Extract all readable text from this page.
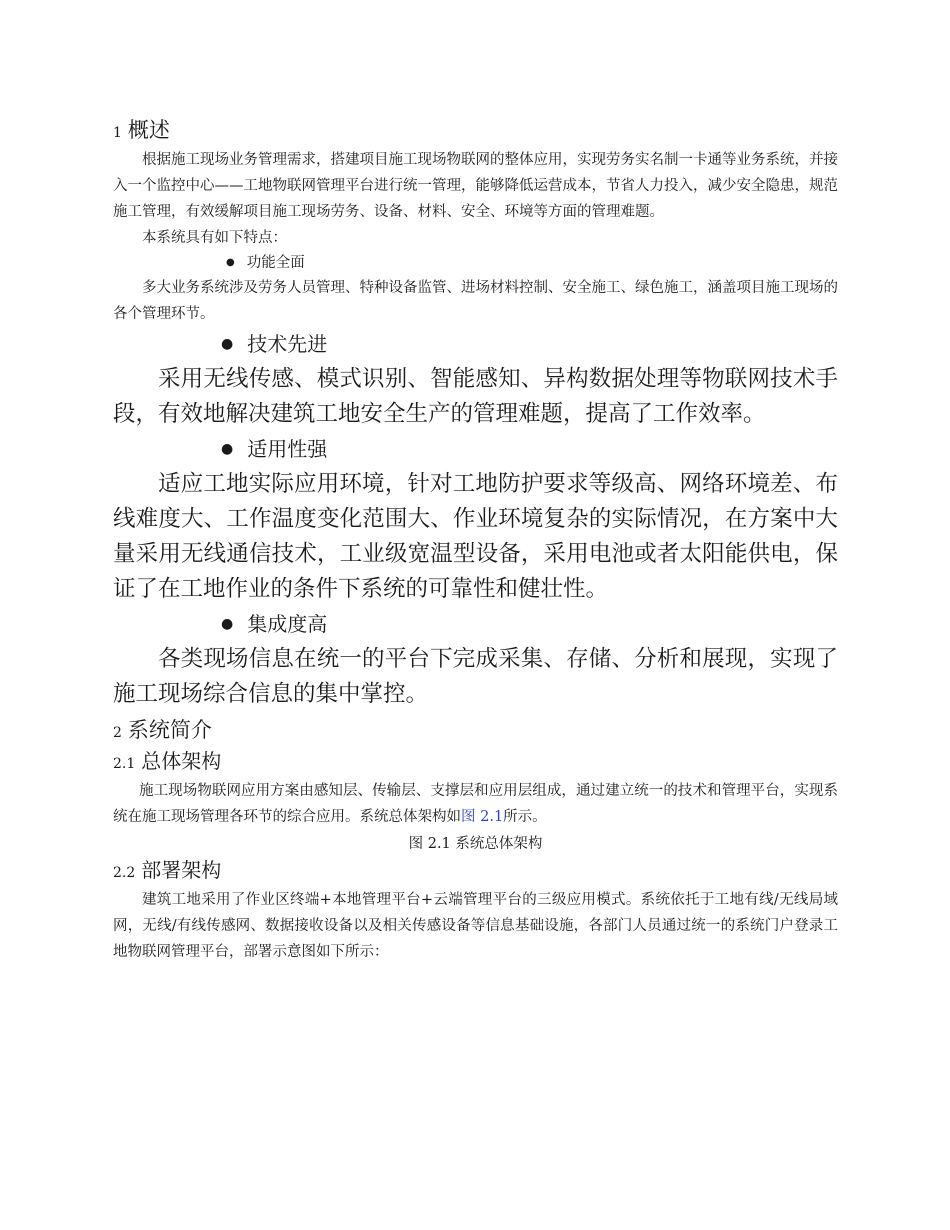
1 概述

根据施工现场业务管理需求，搭建项目施工现场物联网的整体应用，实现劳务实名制一卡通等业务系统，并接入一个监控中心——工地物联网管理平台进行统一管理，能够降低运营成本，节省人力投入，减少安全隐患，规范施工管理，有效缓解项目施工现场劳务、设备、材料、安全、环境等方面的管理难题。

本系统具有如下特点：

● 功能全面

多大业务系统涉及劳务人员管理、特种设备监管、进场材料控制、安全施工、绿色施工，涵盖项目施工现场的各个管理环节。

● 技术先进

采用无线传感、模式识别、智能感知、异构数据处理等物联网技术手段，有效地解决建筑工地安全生产的管理难题，提高了工作效率。

● 适用性强

适应工地实际应用环境，针对工地防护要求等级高、网络环境差、布线难度大、工作温度变化范围大、作业环境复杂的实际情况，在方案中大量采用无线通信技术，工业级宽温型设备，采用电池或者太阳能供电，保证了在工地作业的条件下系统的可靠性和健壮性。

● 集成度高

各类现场信息在统一的平台下完成采集、存储、分析和展现，实现了施工现场综合信息的集中掌控。

2 系统简介
2.1 总体架构

施工现场物联网应用方案由感知层、传输层、支撑层和应用层组成，通过建立统一的技术和管理平台，实现系统在施工现场管理各环节的综合应用。系统总体架构如图 2.1所示。

图 2.1 系统总体架构
2.2 部署架构

建筑工地采用了作业区终端+本地管理平台+云端管理平台的三级应用模式。系统依托于工地有线/无线局域网，无线/有线传感网、数据接收设备以及相关传感设备等信息基础设施，各部门人员通过统一的系统门户登录工地物联网管理平台，部署示意图如下所示：
